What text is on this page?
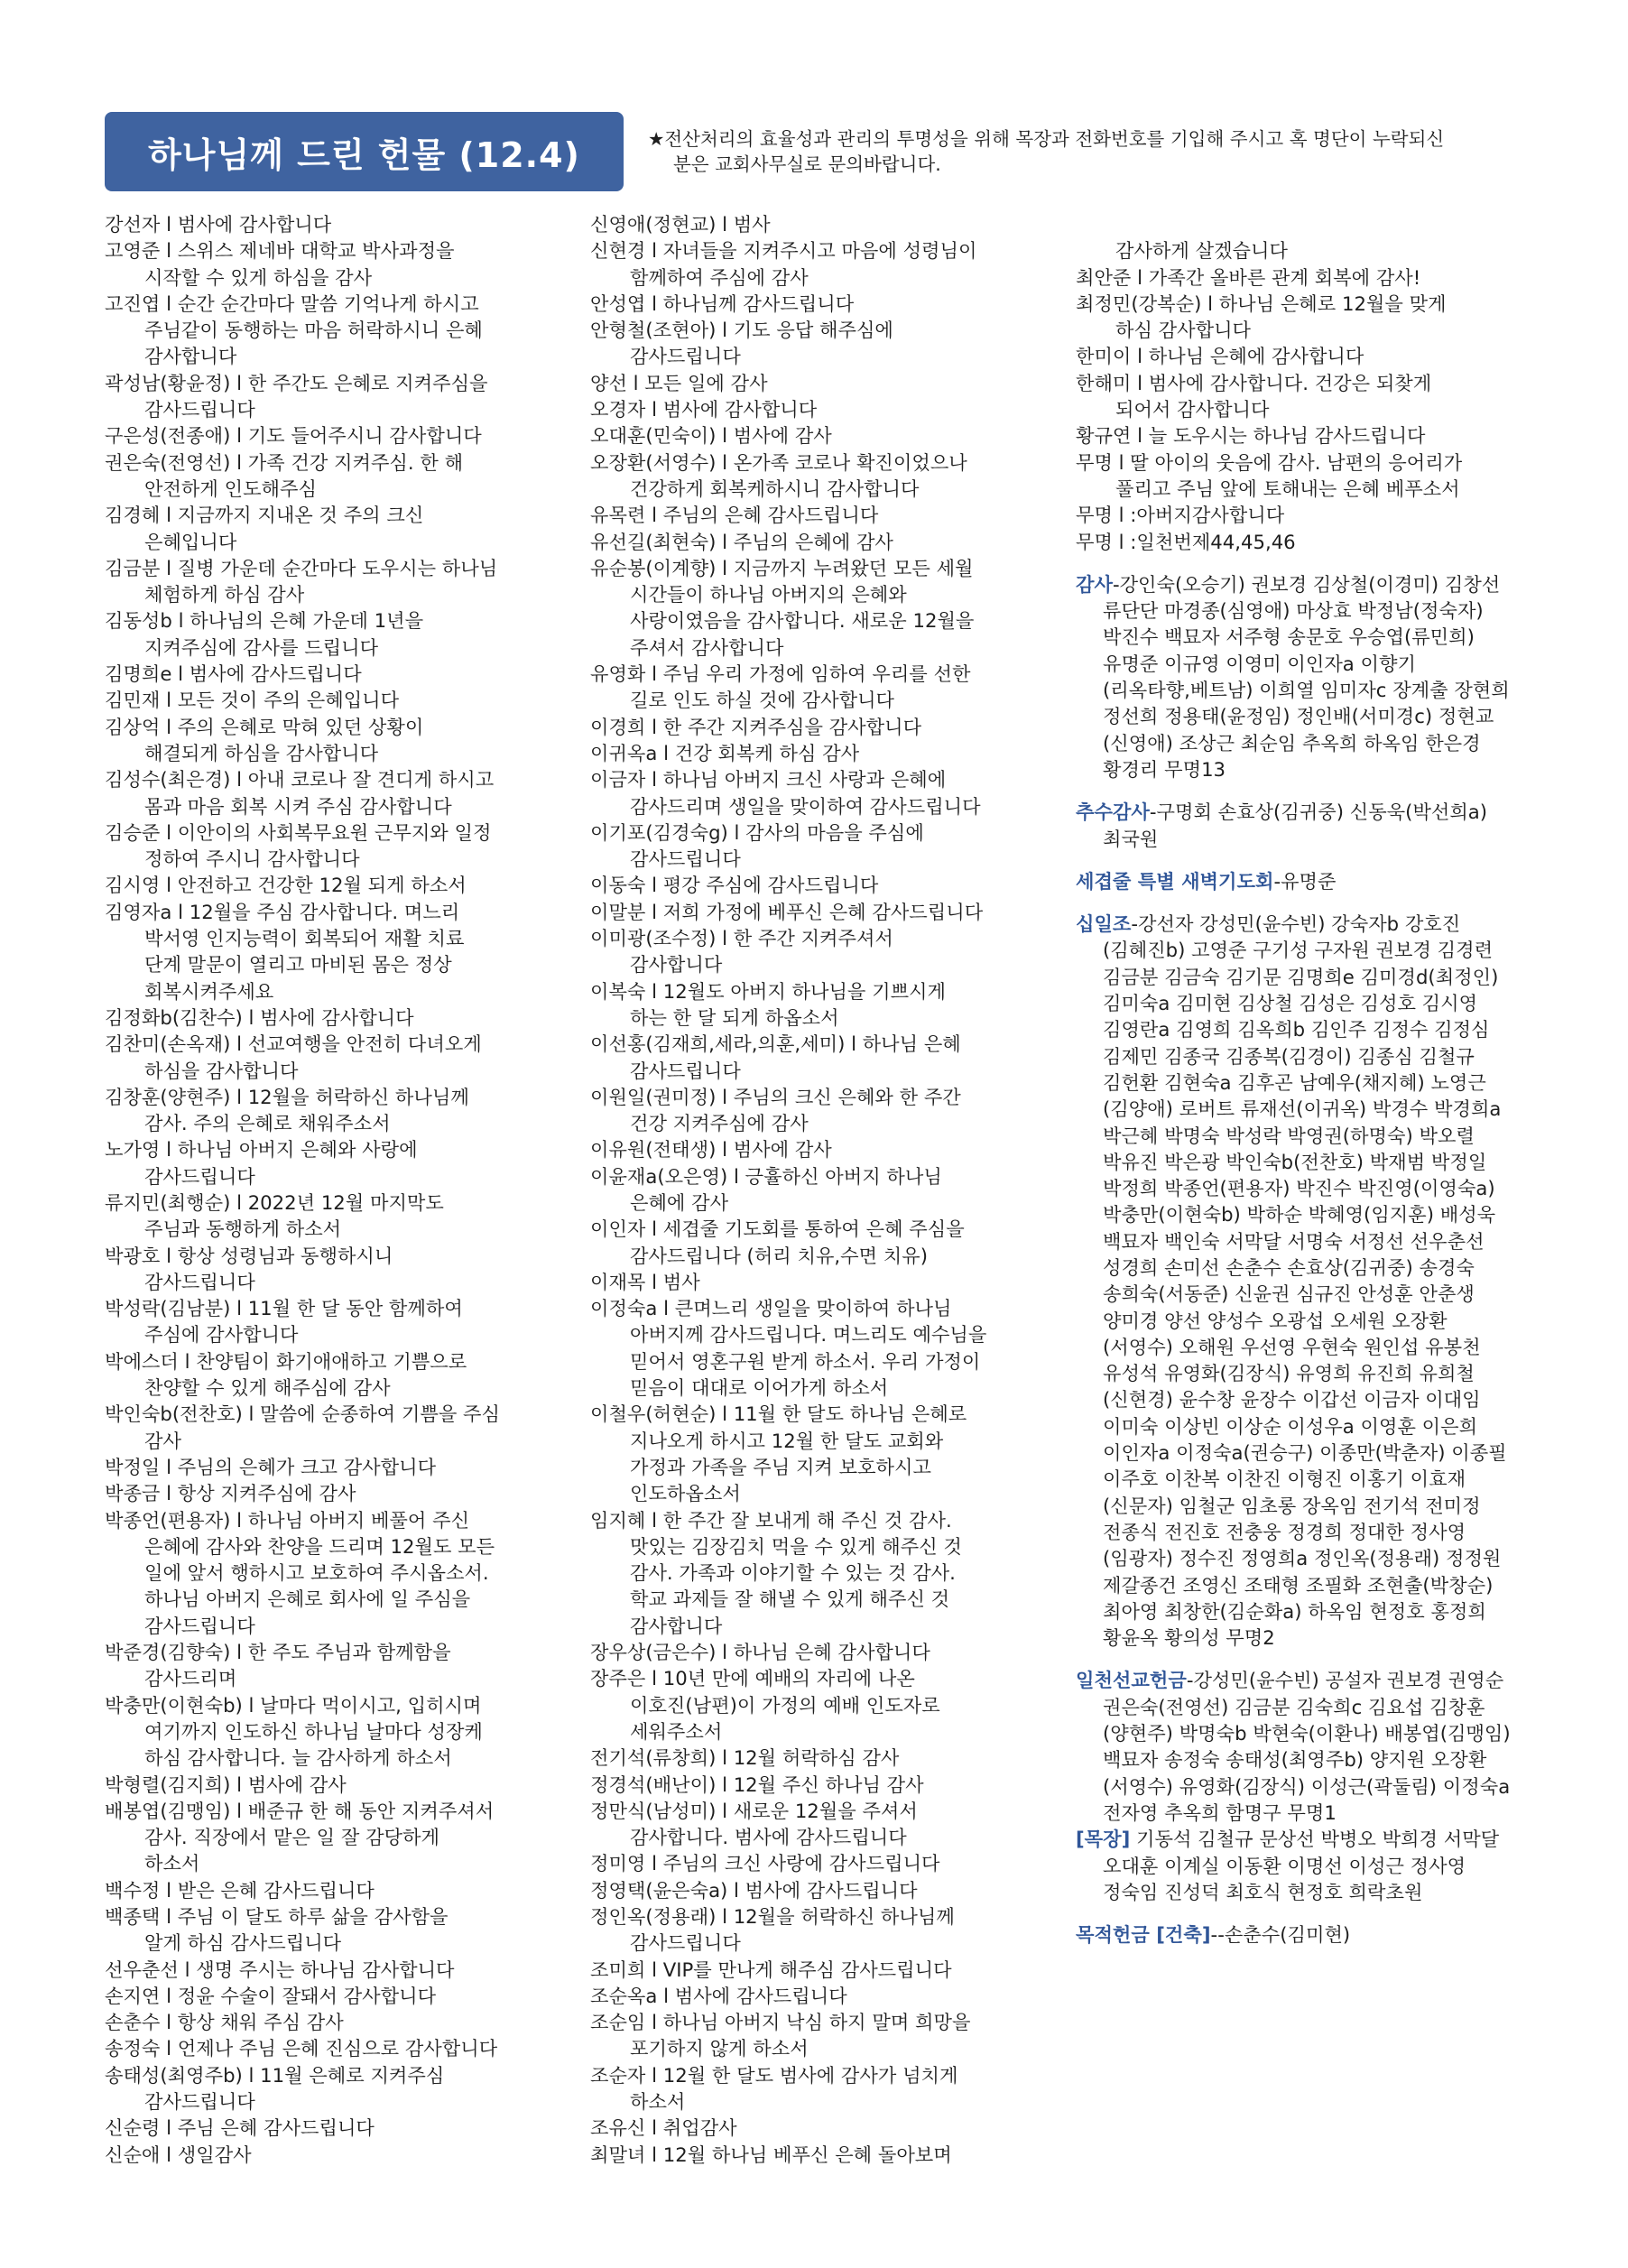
하나님께 드린 헌물 (12.4)	★전산처리의 효율성과 관리의 투명성을 위해 목장과 전화번호를 기입해 주시고 혹 명단이 누락되신
분은 교회사무실로 문의바랍니다.
강선자 l 범사에 감사합니다
고영준 l 스위스 제네바 대학교 박사과정을
시작할 수 있게 하심을 감사
고진엽 l 순간 순간마다 말씀 기억나게 하시고
주님같이 동행하는 마음 허락하시니 은혜
감사합니다
곽성남(황윤정) l 한 주간도 은혜로 지켜주심을
감사드립니다
구은성(전종애) l 기도 들어주시니 감사합니다
권은숙(전영선) l 가족 건강 지켜주심. 한 해
안전하게 인도해주심
김경혜 l 지금까지 지내온 것 주의 크신
은혜입니다
김금분 l 질병 가운데 순간마다 도우시는 하나님
체험하게 하심 감사
김동성b l 하나님의 은혜 가운데 1년을
지켜주심에 감사를 드립니다
김명희e l 범사에 감사드립니다
김민재 l 모든 것이 주의 은혜입니다
김상억 l 주의 은혜로 막혀 있던 상황이
해결되게 하심을 감사합니다
김성수(최은경) l 아내 코로나 잘 견디게 하시고
몸과 마음 회복 시켜 주심 감사합니다
김승준 l 이안이의 사회복무요원 근무지와 일정
정하여 주시니 감사합니다
김시영 l 안전하고 건강한 12월 되게 하소서
김영자a l 12월을 주심 감사합니다. 며느리
박서영 인지능력이 회복되어 재활 치료
단계 말문이 열리고 마비된 몸은 정상
회복시켜주세요
김정화b(김찬수) l 범사에 감사합니다
김찬미(손옥재) l 선교여행을 안전히 다녀오게
하심을 감사합니다
김창훈(양현주) l 12월을 허락하신 하나님께
감사. 주의 은혜로 채워주소서
노가영 l 하나님 아버지 은혜와 사랑에
감사드립니다
류지민(최행순) l 2022년 12월 마지막도
주님과 동행하게 하소서
박광호 l 항상 성령님과 동행하시니
감사드립니다
박성락(김남분) l 11월 한 달 동안 함께하여
주심에 감사합니다
박에스더 l 찬양팀이 화기애애하고 기쁨으로
찬양할 수 있게 해주심에 감사
박인숙b(전찬호) l 말씀에 순종하여 기쁨을 주심
감사
박정일 l 주님의 은혜가 크고 감사합니다
박종금 l 항상 지켜주심에 감사
박종언(편용자) l 하나님 아버지 베풀어 주신
은혜에 감사와 찬양을 드리며 12월도 모든
일에 앞서 행하시고 보호하여 주시옵소서.
하나님 아버지 은혜로 회사에 일 주심을
감사드립니다
박준경(김향숙) l 한 주도 주님과 함께함을
감사드리며
박충만(이현숙b) l 날마다 먹이시고, 입히시며
여기까지 인도하신 하나님 날마다 성장케
하심 감사합니다. 늘 감사하게 하소서
박형렬(김지희) l 범사에 감사
배봉엽(김맹임) l 배준규 한 해 동안 지켜주셔서
감사. 직장에서 맡은 일 잘 감당하게
하소서
백수정 l 받은 은혜 감사드립니다
백종택 l 주님 이 달도 하루 삶을 감사함을
알게 하심 감사드립니다
선우춘선 l 생명 주시는 하나님 감사합니다
손지연 l 정윤 수술이 잘돼서 감사합니다
손춘수 l 항상 채워 주심 감사
송정숙 l 언제나 주님 은혜 진심으로 감사합니다
송태성(최영주b) l 11월 은혜로 지켜주심
감사드립니다
신순령 l 주님 은혜 감사드립니다
신순애 l 생일감사
신영애(정현교) l 범사
신현경 l 자녀들을 지켜주시고 마음에 성령님이
함께하여 주심에 감사
안성엽 l 하나님께 감사드립니다
안형철(조현아) l 기도 응답 해주심에
감사드립니다
양선 l 모든 일에 감사
오경자 l 범사에 감사합니다
오대훈(민숙이) l 범사에 감사
오장환(서영수) l 온가족 코로나 확진이었으나
건강하게 회복케하시니 감사합니다
유목련 l 주님의 은혜 감사드립니다
유선길(최현숙) l 주님의 은혜에 감사
유순봉(이계향) l 지금까지 누려왔던 모든 세월
시간들이 하나님 아버지의 은혜와
사랑이였음을 감사합니다. 새로운 12월을
주셔서 감사합니다
유영화 l 주님 우리 가정에 임하여 우리를 선한
길로 인도 하실 것에 감사합니다
이경희 l 한 주간 지켜주심을 감사합니다
이귀옥a l 건강 회복케 하심 감사
이금자 l 하나님 아버지 크신 사랑과 은혜에
감사드리며 생일을 맞이하여 감사드립니다
이기포(김경숙g) l 감사의 마음을 주심에
감사드립니다
이동숙 l 평강 주심에 감사드립니다
이말분 l 저희 가정에 베푸신 은혜 감사드립니다
이미광(조수정) l 한 주간 지켜주셔서
감사합니다
이복숙 l 12월도 아버지 하나님을 기쁘시게
하는 한 달 되게 하옵소서
이선홍(김재희,세라,의훈,세미) l 하나님 은혜
감사드립니다
이원일(권미정) l 주님의 크신 은혜와 한 주간
건강 지켜주심에 감사
이유원(전태생) l 범사에 감사
이윤재a(오은영) l 긍휼하신 아버지 하나님
은혜에 감사
이인자 l 세겹줄 기도회를 통하여 은혜 주심을
감사드립니다 (허리 치유,수면 치유)
이재목 l 범사
이정숙a l 큰며느리 생일을 맞이하여 하나님
아버지께 감사드립니다. 며느리도 예수님을
믿어서 영혼구원 받게 하소서. 우리 가정이
믿음이 대대로 이어가게 하소서
이철우(허현순) l 11월 한 달도 하나님 은혜로
지나오게 하시고 12월 한 달도 교회와
가정과 가족을 주님 지켜 보호하시고
인도하옵소서
임지혜 l 한 주간 잘 보내게 해 주신 것 감사.
맛있는 김장김치 먹을 수 있게 해주신 것
감사. 가족과 이야기할 수 있는 것 감사.
학교 과제들 잘 해낼 수 있게 해주신 것
감사합니다
장우상(금은수) l 하나님 은혜 감사합니다
장주은 l 10년 만에 예배의 자리에 나온
이호진(남편)이 가정의 예배 인도자로
세워주소서
전기석(류창희) l 12월 허락하심 감사
정경석(배난이) l 12월 주신 하나님 감사
정만식(남성미) l 새로운 12월을 주셔서
감사합니다. 범사에 감사드립니다
정미영 l 주님의 크신 사랑에 감사드립니다
정영택(윤은숙a) l 범사에 감사드립니다
정인옥(정용래) l 12월을 허락하신 하나님께
감사드립니다
조미희 l VIP를 만나게 해주심 감사드립니다
조순옥a l 범사에 감사드립니다
조순임 l 하나님 아버지 낙심 하지 말며 희망을
포기하지 않게 하소서
조순자 l 12월 한 달도 범사에 감사가 넘치게
하소서
조유신 l 취업감사
최말녀 l 12월 하나님 베푸신 은혜 돌아보며

감사하게 살겠습니다
최안준 l 가족간 올바른 관계 회복에 감사!
최정민(강복순) l 하나님 은혜로 12월을 맞게
하심 감사합니다
한미이 l 하나님 은혜에 감사합니다
한해미 l 범사에 감사합니다. 건강은 되찾게
되어서 감사합니다
황규연 l 늘 도우시는 하나님 감사드립니다
무명 l 딸 아이의 웃음에 감사. 남편의 응어리가
풀리고 주님 앞에 토해내는 은혜 베푸소서
무명 l :아버지감사합니다
무명 l :일천번제44,45,46
감사-강인숙(오승기) 권보경 김상철(이경미) 김창선
류단단 마경종(심영애) 마상효 박정남(정숙자)
박진수 백묘자 서주형 송문호 우승엽(류민희)
유명준 이규영 이영미 이인자a 이향기
(리옥타향,베트남) 이희열 임미자c 장계출 장현희
정선희 정용태(윤정임) 정인배(서미경c) 정현교
(신영애) 조상근 최순임 추옥희 하옥임 한은경
황경리 무명13
추수감사-구명회 손효상(김귀중) 신동욱(박선희a)
최국원
세겹줄 특별 새벽기도회-유명준
십일조-강선자 강성민(윤수빈) 강숙자b 강호진
(김혜진b) 고영준 구기성 구자원 권보경 김경련
김금분 김금숙 김기문 김명희e 김미경d(최정인)
김미숙a 김미현 김상철 김성은 김성호 김시영
김영란a 김영희 김옥희b 김인주 김정수 김정심
김제민 김종국 김종복(김경이) 김종심 김철규
김헌환 김현숙a 김후곤 남예우(채지혜) 노영근
(김양애) 로버트 류재선(이귀옥) 박경수 박경희a
박근혜 박명숙 박성락 박영권(하명숙) 박오렬
박유진 박은광 박인숙b(전찬호) 박재범 박정일
박정희 박종언(편용자) 박진수 박진영(이영숙a)
박충만(이현숙b) 박하순 박혜영(임지훈) 배성욱
백묘자 백인숙 서막달 서명숙 서정선 선우춘선
성경희 손미선 손춘수 손효상(김귀중) 송경숙
송희숙(서동준) 신윤권 심규진 안성훈 안춘생
양미경 양선 양성수 오광섭 오세원 오장환
(서영수) 오해원 우선영 우현숙 원인섭 유봉천
유성석 유영화(김장식) 유영희 유진희 유희철
(신현경) 윤수창 윤장수 이갑선 이금자 이대임
이미숙 이상빈 이상순 이성우a 이영훈 이은희
이인자a 이정숙a(권승구) 이종만(박춘자) 이종필
이주호 이찬복 이찬진 이형진 이홍기 이효재
(신문자) 임철군 임초롱 장옥임 전기석 전미정
전종식 전진호 전충웅 정경희 정대한 정사영
(임광자) 정수진 정영희a 정인옥(정용래) 정정원
제갈종건 조영신 조태형 조필화 조현출(박창순)
최아영 최창한(김순화a) 하옥임 현정호 홍정희
황윤옥 황의성 무명2
일천선교헌금-강성민(윤수빈) 공설자 권보경 권영순
권은숙(전영선) 김금분 김숙희c 김요섭 김창훈
(양현주) 박명숙b 박현숙(이환나) 배봉엽(김맹임)
백묘자 송정숙 송태성(최영주b) 양지원 오장환
(서영수) 유영화(김장식) 이성근(곽둘림) 이정숙a
전자영 추옥희 함명구 무명1
[목장] 기동석 김철규 문상선 박병오 박희경 서막달
오대훈 이계실 이동환 이명선 이성근 정사영
정숙임 진성덕 최호식 현정호 희락초원
목적헌금 [건축]--손춘수(김미현)
